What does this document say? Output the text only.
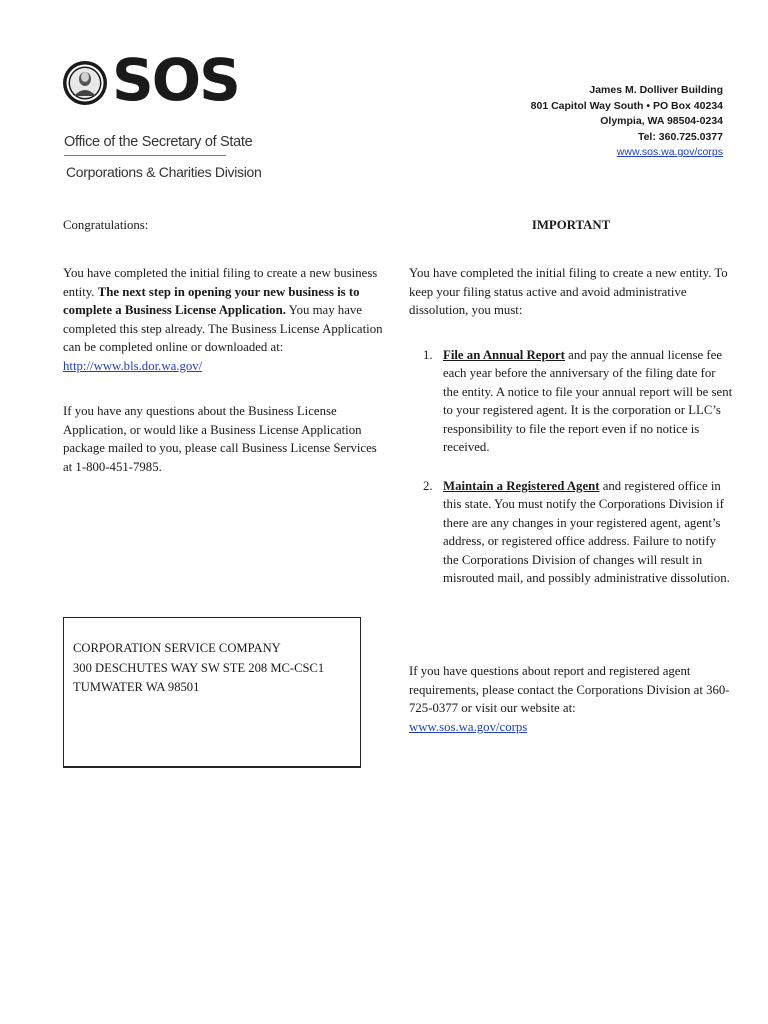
SOS
Office of the Secretary of State
Corporations & Charities Division
James M. Dolliver Building
801 Capitol Way South • PO Box 40234
Olympia, WA 98504-0234
Tel: 360.725.0377
www.sos.wa.gov/corps
Congratulations:

You have completed the initial filing to create a new business entity. The next step in opening your new business is to complete a Business License Application. You may have completed this step already. The Business License Application can be completed online or downloaded at:
http://www.bls.dor.wa.gov/

If you have any questions about the Business License Application, or would like a Business License Application package mailed to you, please call Business License Services at 1-800-451-7985.

IMPORTANT

You have completed the initial filing to create a new entity. To keep your filing status active and avoid administrative dissolution, you must:

1. File an Annual Report and pay the annual license fee each year before the anniversary of the filing date for the entity. A notice to file your annual report will be sent to your registered agent. It is the corporation or LLC’s responsibility to file the report even if no notice is received.
2. Maintain a Registered Agent and registered office in this state. You must notify the Corporations Division if there are any changes in your registered agent, agent’s address, or registered office address. Failure to notify the Corporations Division of changes will result in misrouted mail, and possibly administrative dissolution.
CORPORATION SERVICE COMPANY
300 DESCHUTES WAY SW STE 208 MC-CSC1
TUMWATER WA 98501
If you have questions about report and registered agent requirements, please contact the Corporations Division at 360-725-0377 or visit our website at:
www.sos.wa.gov/corps
